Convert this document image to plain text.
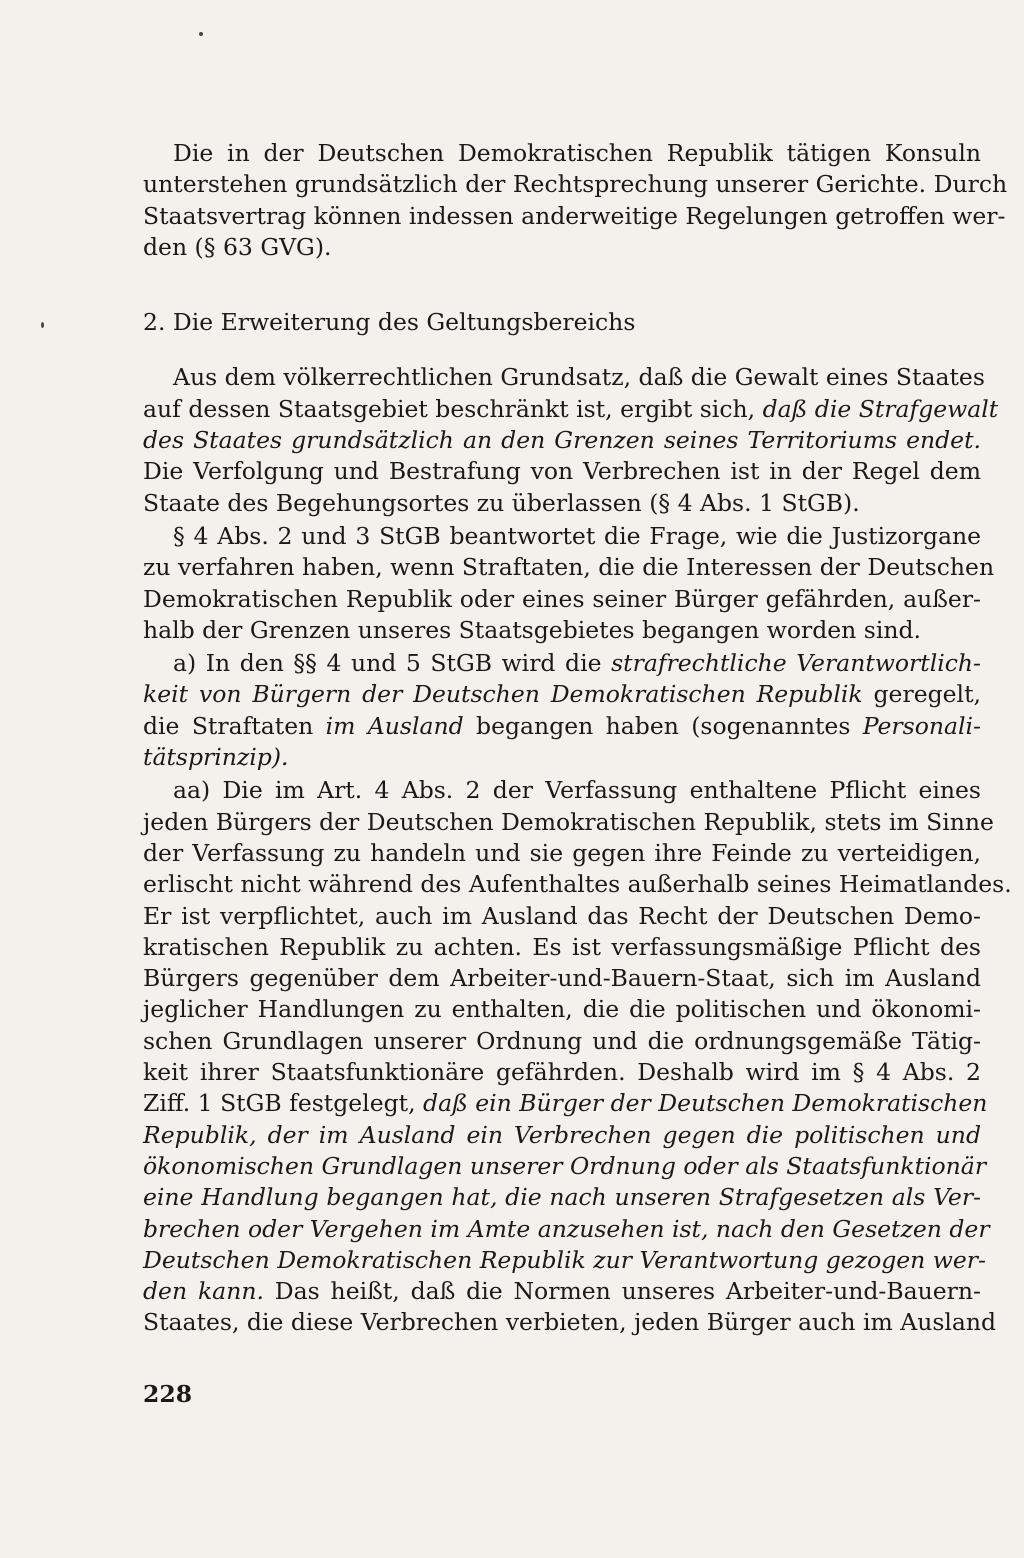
Die in der Deutschen Demokratischen Republik tätigen Konsuln
unterstehen grundsätzlich der Rechtsprechung unserer Gerichte. Durch
Staatsvertrag können indessen anderweitige Regelungen getroffen wer-
den (§ 63 GVG).

2. Die Erweiterung des Geltungsbereichs

Aus dem völkerrechtlichen Grundsatz, daß die Gewalt eines Staates
auf dessen Staatsgebiet beschränkt ist, ergibt sich, daß die Strafgewalt
des Staates grundsätzlich an den Grenzen seines Territoriums endet.
Die Verfolgung und Bestrafung von Verbrechen ist in der Regel dem
Staate des Begehungsortes zu überlassen (§ 4 Abs. 1 StGB).

§ 4 Abs. 2 und 3 StGB beantwortet die Frage, wie die Justizorgane
zu verfahren haben, wenn Straftaten, die die Interessen der Deutschen
Demokratischen Republik oder eines seiner Bürger gefährden, außer-
halb der Grenzen unseres Staatsgebietes begangen worden sind.

a) In den §§ 4 und 5 StGB wird die strafrechtliche Verantwortlich-
keit von Bürgern der Deutschen Demokratischen Republik geregelt,
die Straftaten im Ausland begangen haben (sogenanntes Personali-
tätsprinzip).

aa) Die im Art. 4 Abs. 2 der Verfassung enthaltene Pflicht eines
jeden Bürgers der Deutschen Demokratischen Republik, stets im Sinne
der Verfassung zu handeln und sie gegen ihre Feinde zu verteidigen,
erlischt nicht während des Aufenthaltes außerhalb seines Heimatlandes.
Er ist verpflichtet, auch im Ausland das Recht der Deutschen Demo-
kratischen Republik zu achten. Es ist verfassungsmäßige Pflicht des
Bürgers gegenüber dem Arbeiter-und-Bauern-Staat, sich im Ausland
jeglicher Handlungen zu enthalten, die die politischen und ökonomi-
schen Grundlagen unserer Ordnung und die ordnungsgemäße Tätig-
keit ihrer Staatsfunktionäre gefährden. Deshalb wird im § 4 Abs. 2
Ziff. 1 StGB festgelegt, daß ein Bürger der Deutschen Demokratischen
Republik, der im Ausland ein Verbrechen gegen die politischen und
ökonomischen Grundlagen unserer Ordnung oder als Staatsfunktionär
eine Handlung begangen hat, die nach unseren Strafgesetzen als Ver-
brechen oder Vergehen im Amte anzusehen ist, nach den Gesetzen der
Deutschen Demokratischen Republik zur Verantwortung gezogen wer-
den kann. Das heißt, daß die Normen unseres Arbeiter-und-Bauern-
Staates, die diese Verbrechen verbieten, jeden Bürger auch im Ausland

228
